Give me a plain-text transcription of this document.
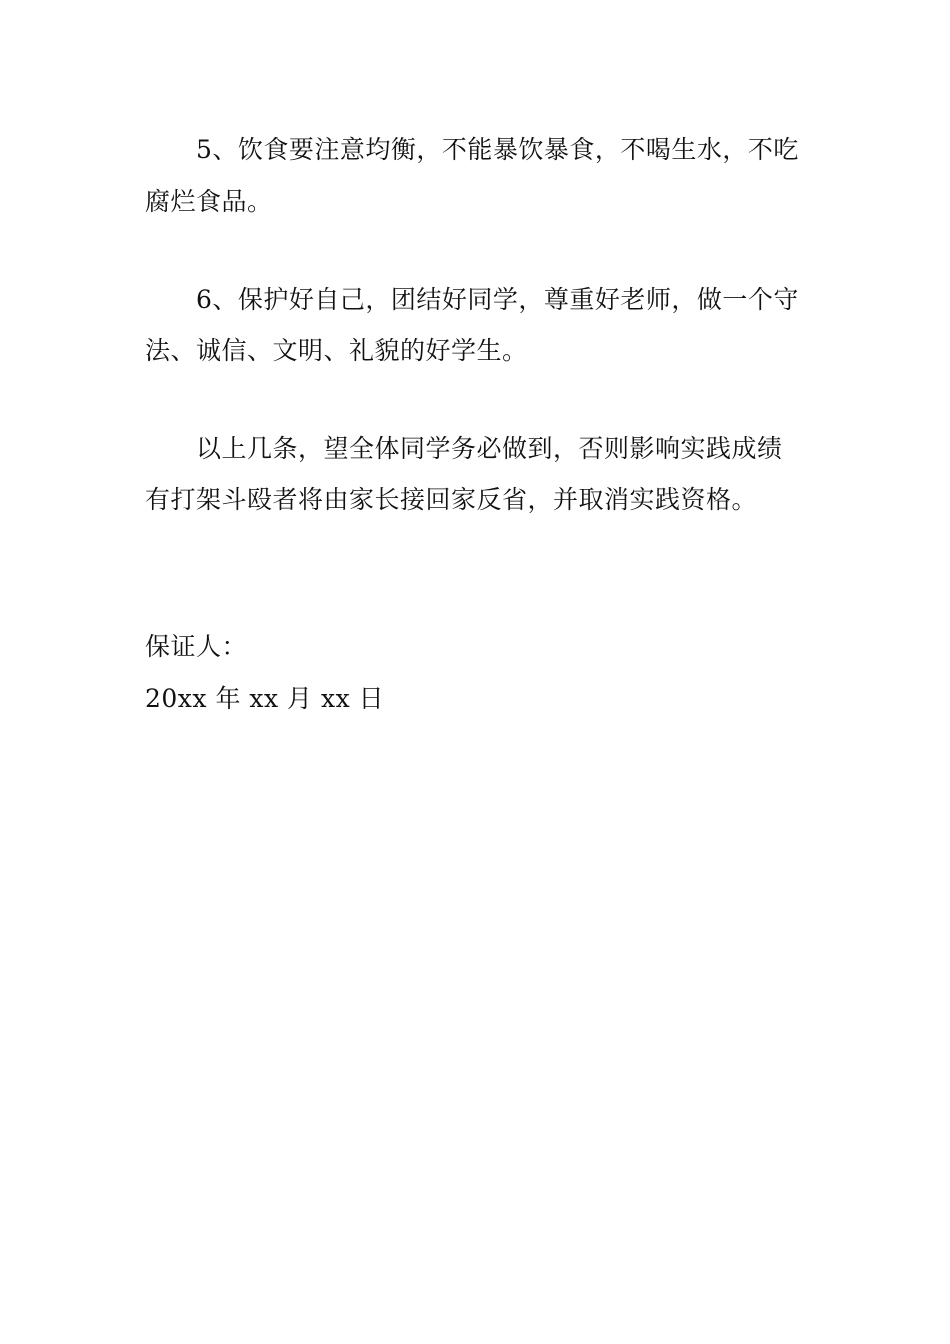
5、饮食要注意均衡，不能暴饮暴食，不喝生水，不吃
腐烂食品。
6、保护好自己，团结好同学，尊重好老师，做一个守
法、诚信、文明、礼貌的好学生。
以上几条，望全体同学务必做到，否则影响实践成绩
有打架斗殴者将由家长接回家反省，并取消实践资格。
保证人：
20xx 年 xx 月 xx 日
